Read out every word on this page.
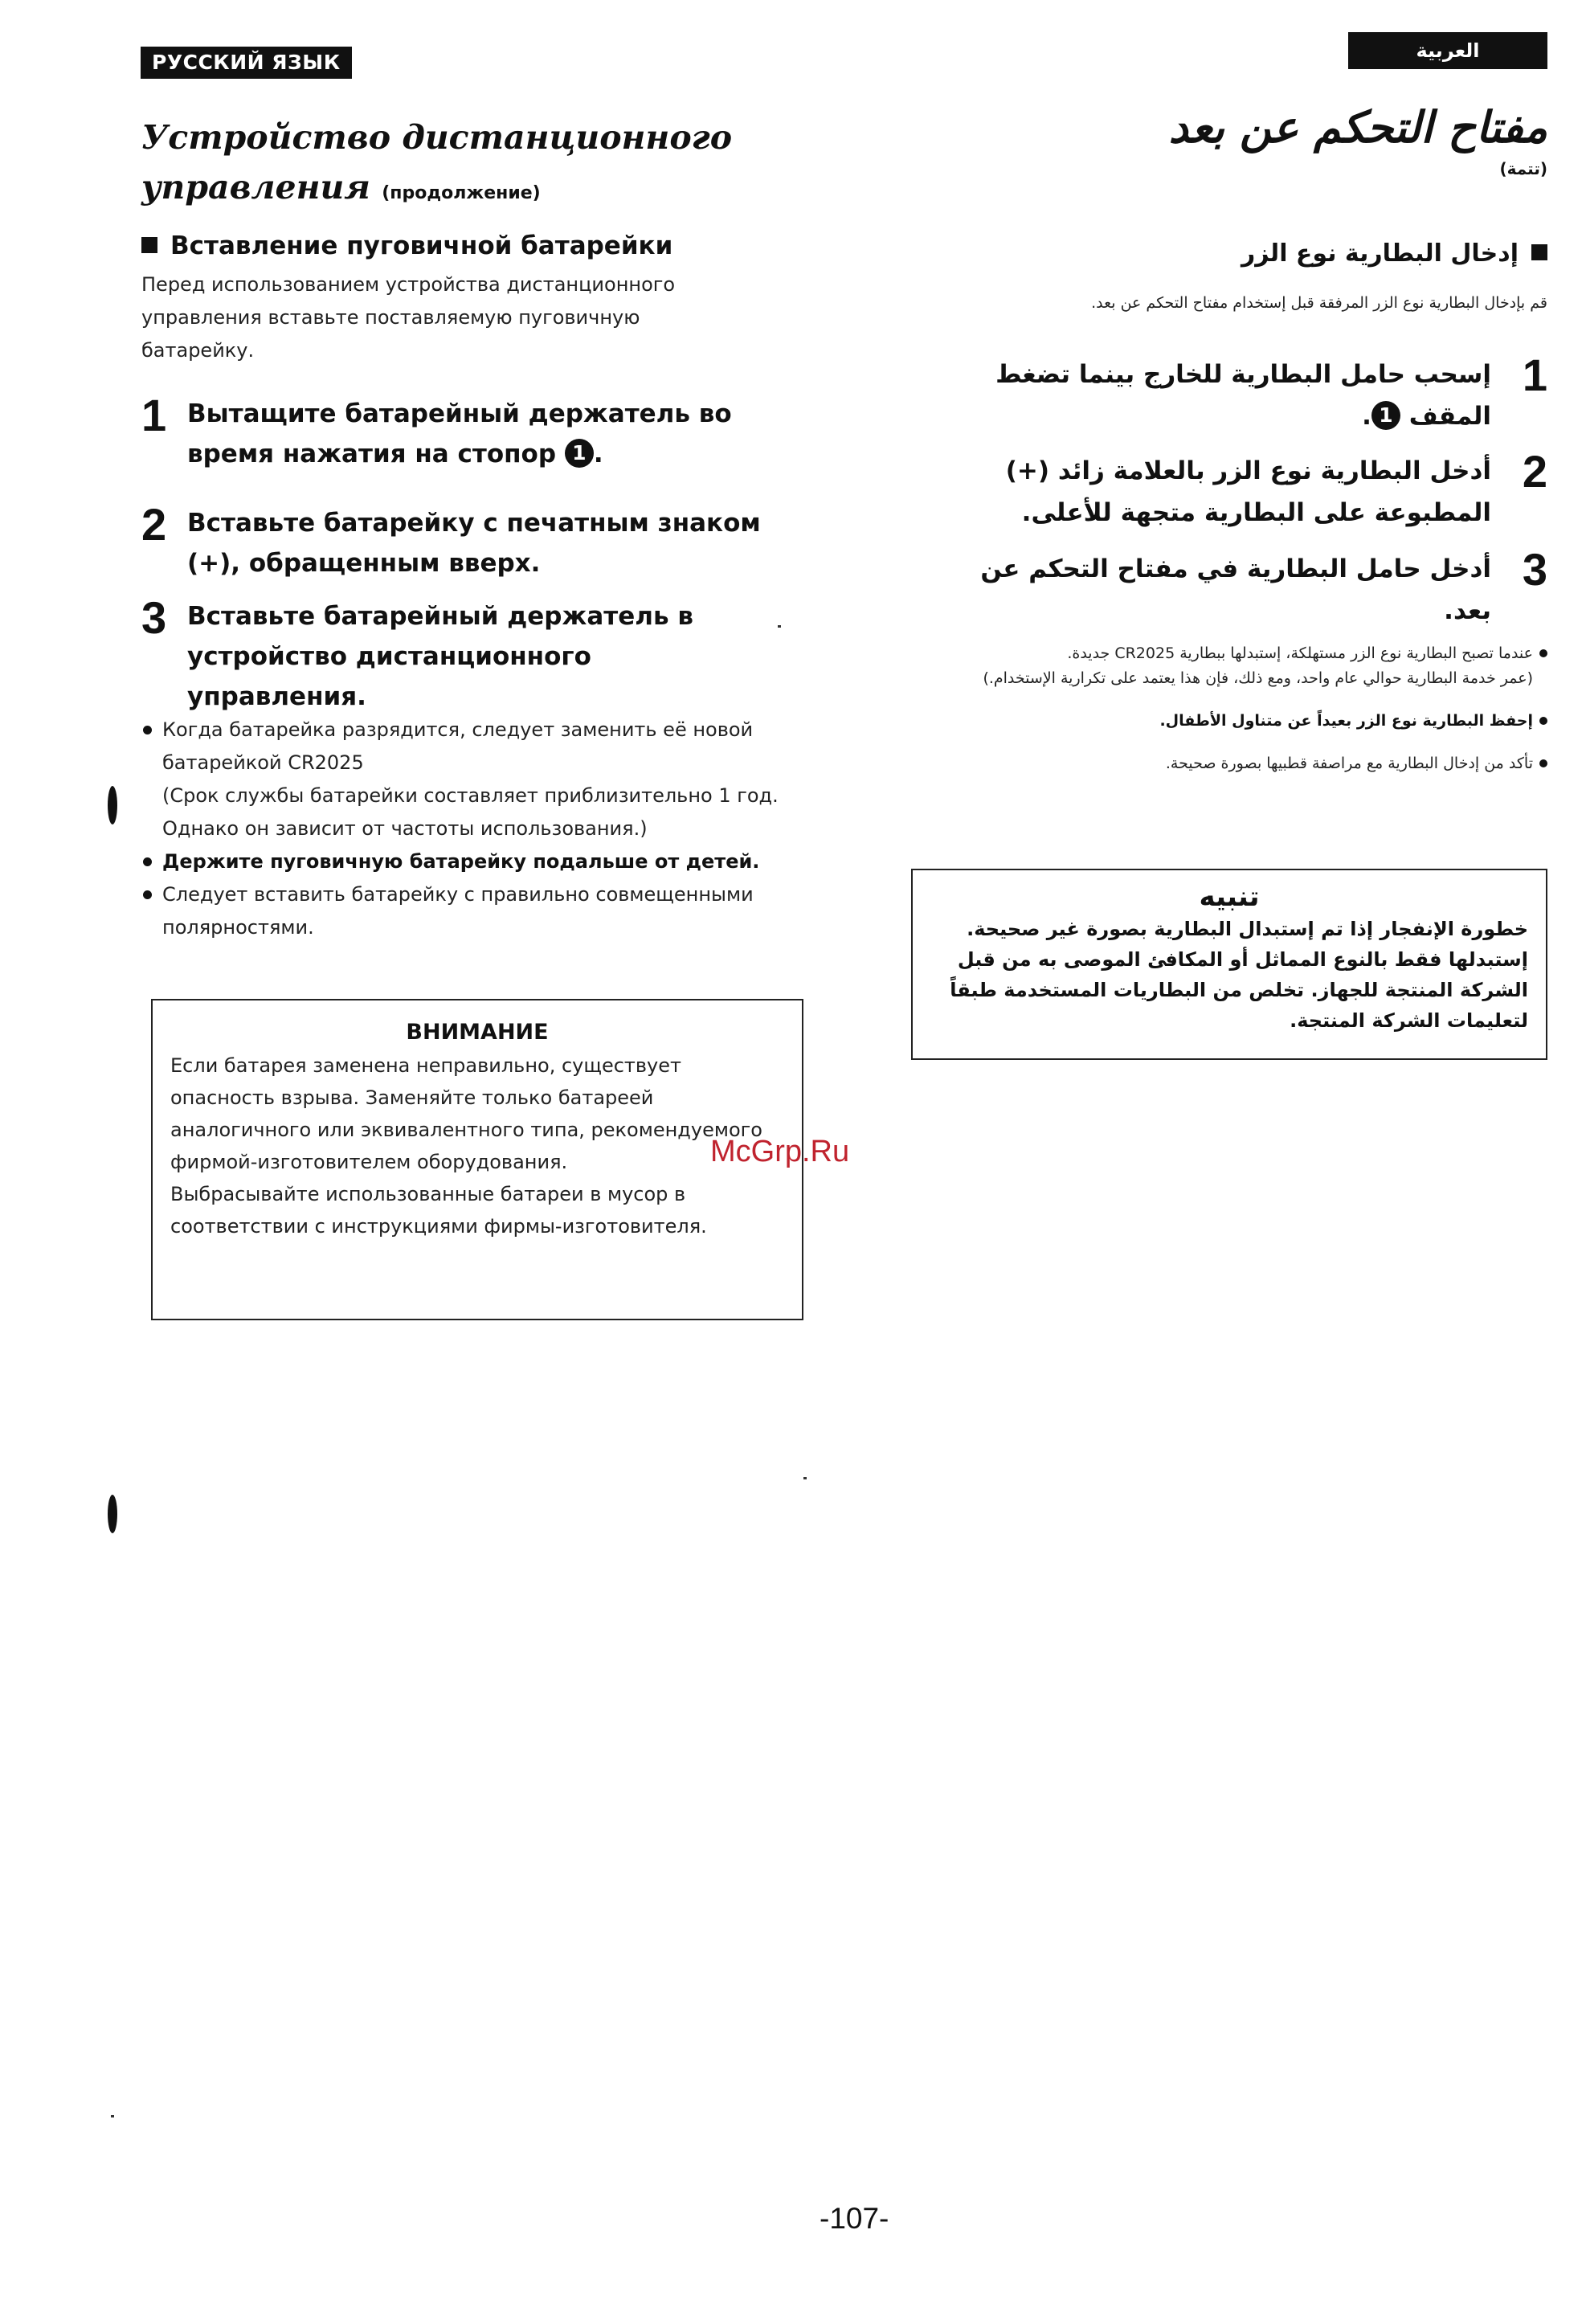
РУССКИЙ ЯЗЫК
Устройство дистанционного
управления (продолжение)
Вставление пуговичной батарейки
Перед использованием устройства дистанционного
управления вставьте поставляемую пуговичную
батарейку.
1 Вытащите батарейный держатель во время нажатия на стопор 1 .
2 Вставьте батарейку с печатным знаком (+), обращенным вверх.
3 Вставьте батарейный держатель в устройство дистанционного управления.
Когда батарейка разрядится, следует заменить её новой батарейкой CR2025
(Срок службы батарейки составляет приблизительно 1 год. Однако он зависит от частоты использования.)
Держите пуговичную батарейку подальше от детей.
Следует вставить батарейку с правильно совмещенными полярностями.
ВНИМАНИЕ
Если батарея заменена неправильно, существует опасность взрыва. Заменяйте только батареей аналогичного или эквивалентного типа, рекомендуемого фирмой-изготовителем оборудования.
Выбрасывайте использованные батареи в мусор в соответствии с инструкциями фирмы-изготовителя.
العربية
مفتاح التحكم عن بعد
(تتمة)
إدخال البطارية نوع الزر
قم بإدخال البطارية نوع الزر المرفقة قبل إستخدام مفتاح التحكم عن بعد.
1
إسحب حامل البطارية للخارج بينما تضغط المقف 1.
2
أدخل البطارية نوع الزر بالعلامة زائد (+) المطبوعة على البطارية متجهة للأعلى.
3
أدخل حامل البطارية في مفتاح التحكم عن بعد.
عندما تصبح البطارية نوع الزر مستهلكة، إستبدلها ببطارية CR2025 جديدة.
(عمر خدمة البطارية حوالي عام واحد، ومع ذلك، فإن هذا يعتمد على تكرارية الإستخدام.)
إحفظ البطارية نوع الزر بعيداً عن متناول الأطفال.
تأكد من إدخال البطارية مع مراصفة قطبيها بصورة صحيحة.
تنبيه
خطورة الإنفجار إذا تم إستبدال البطارية بصورة غير صحيحة. إستبدلها فقط بالنوع المماثل أو المكافئ الموصى به من قبل الشركة المنتجة للجهاز. تخلص من البطاريات المستخدمة طبقاً لتعليمات الشركة المنتجة.
McGrp.Ru
-107-
